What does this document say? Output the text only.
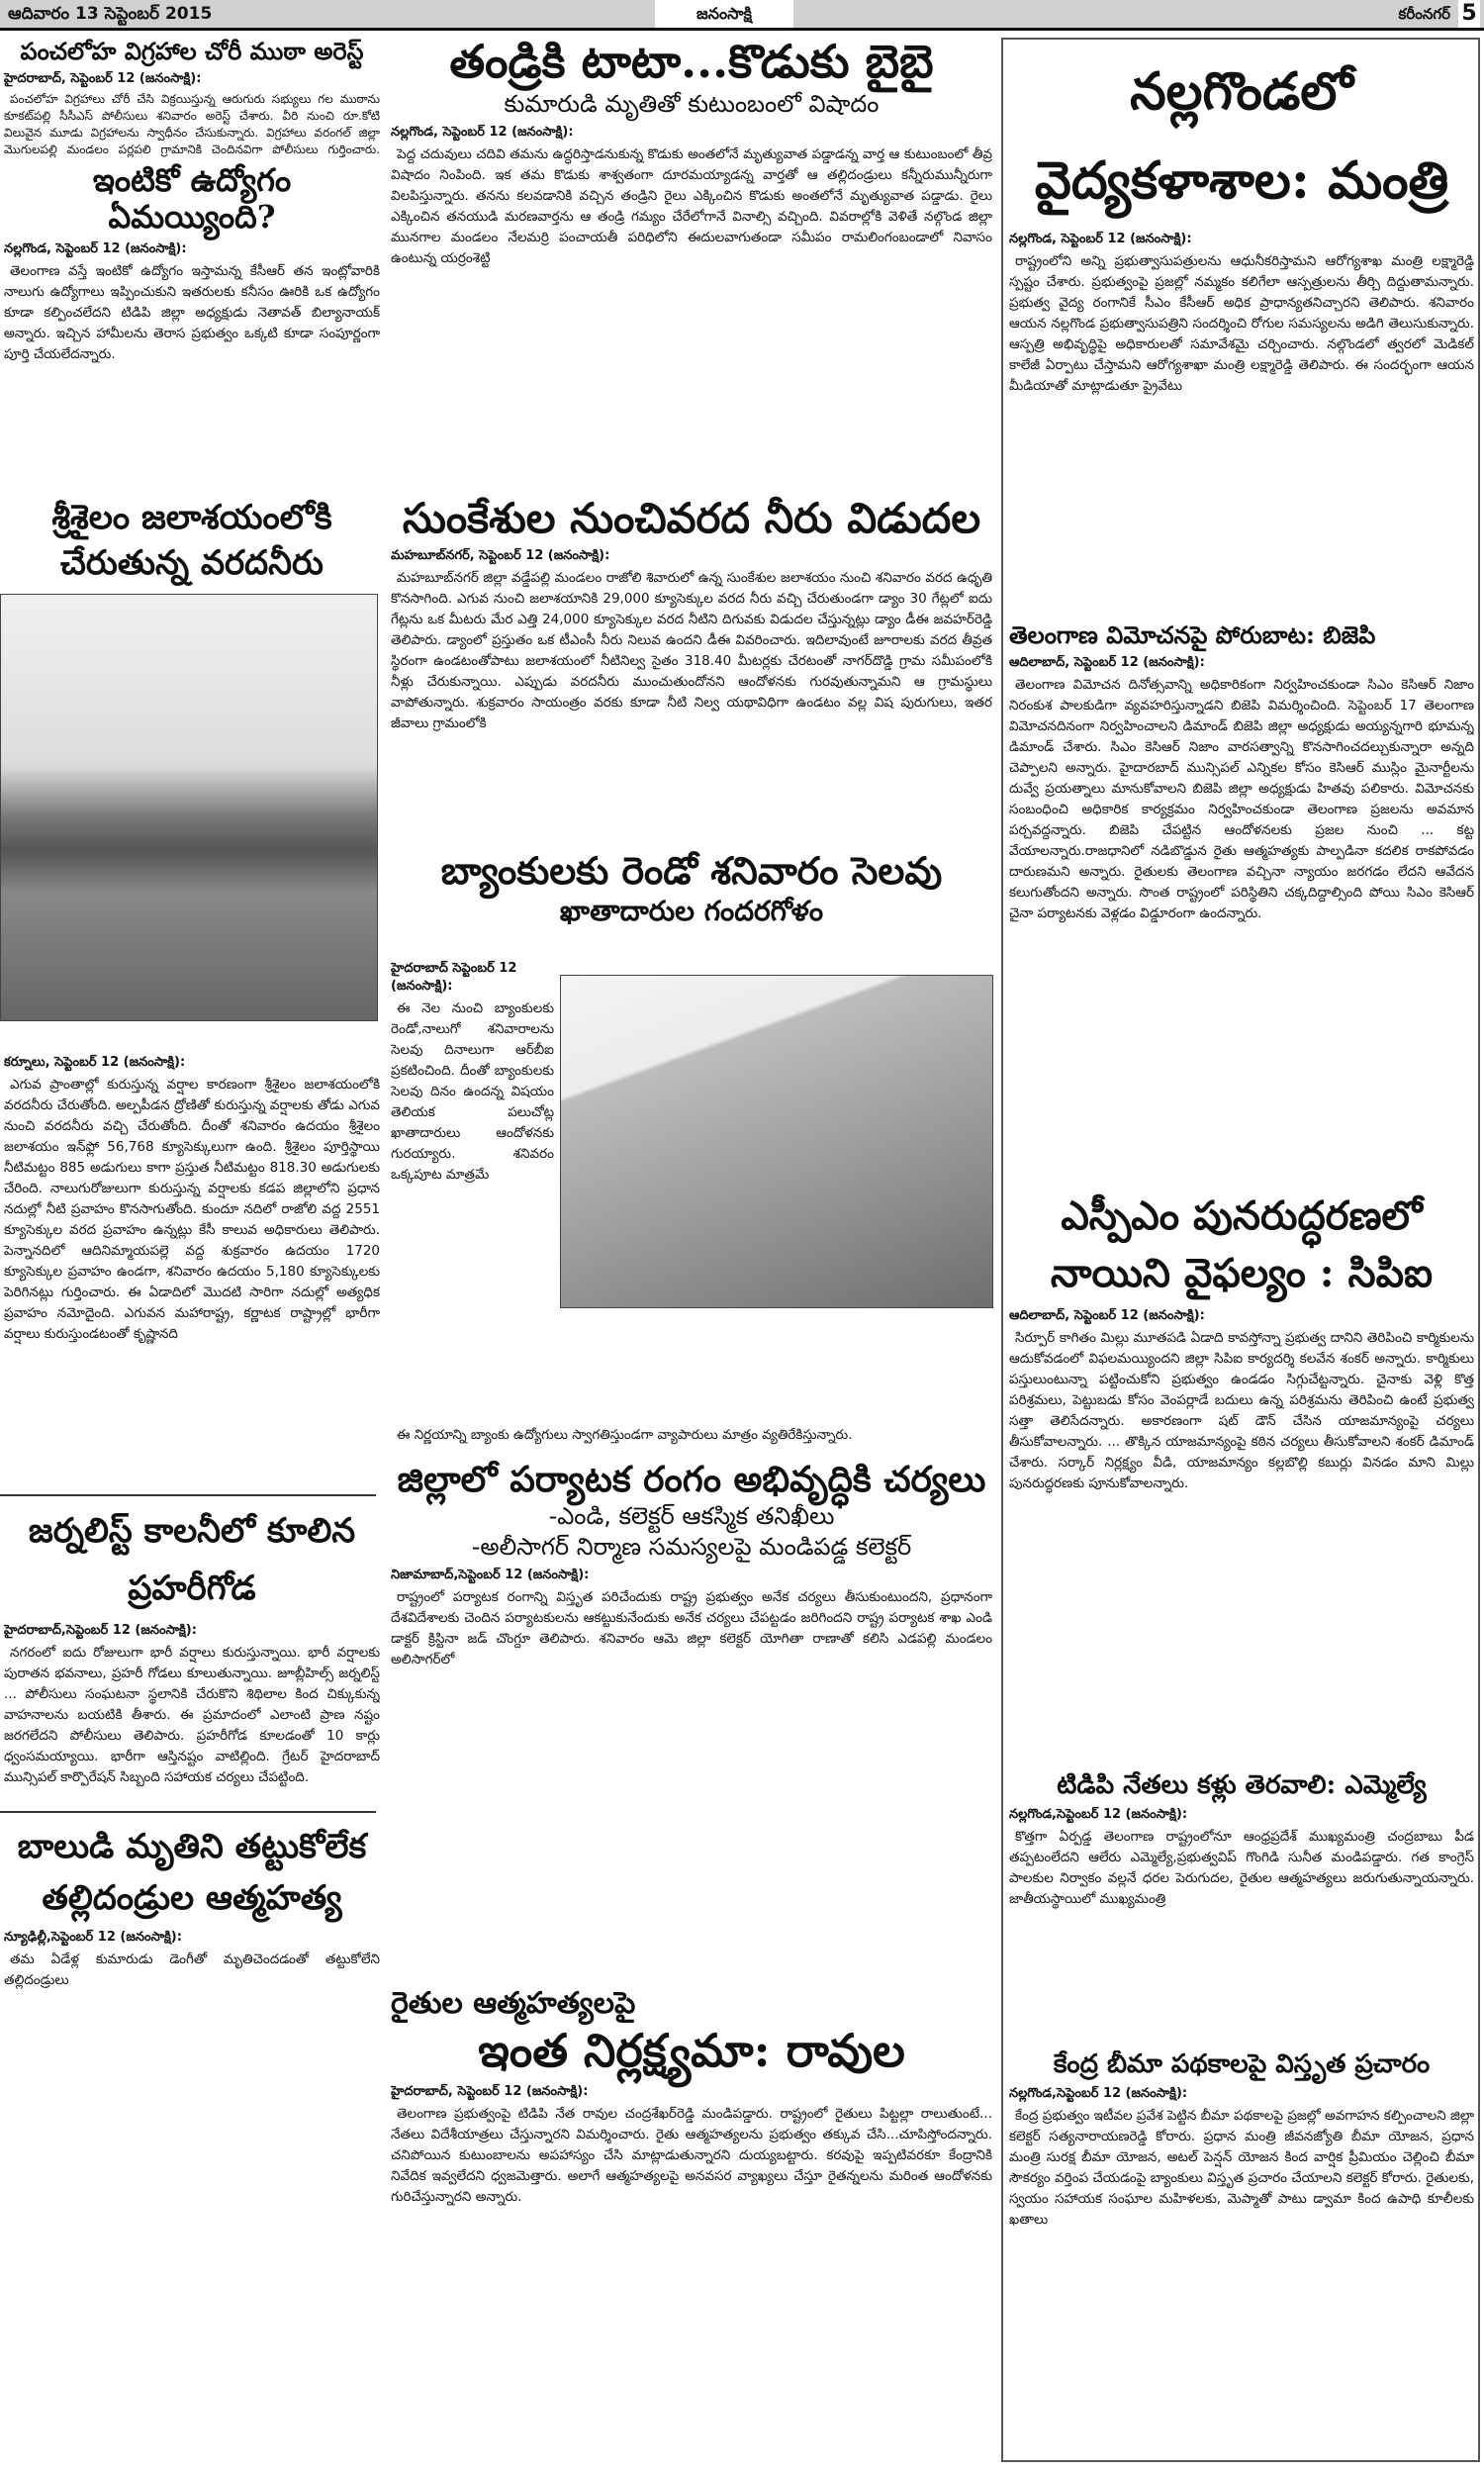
ఆదివారం 13 సెప్టెంబర్ 2015	జనంసాక్షి	కరీంనగర్ 5
పంచలోహ విగ్రహాల చోరీ ముఠా అరెస్ట్
హైదరాబాద్, సెప్టెంబర్ 12 (జనంసాక్షి):

పంచలోహ విగ్రహాలు చోరీ చేసి విక్రయిస్తున్న ఆరుగురు సభ్యులు గల ముఠాను కూకట్‌పల్లి సీసీఎస్ పోలీసులు శనివారం అరెస్ట్ చేశారు. వీరి నుంచి రూ.కోటి విలువైన మూడు విగ్రహాలను స్వాధీనం చేసుకున్నారు. విగ్రహాలు వరంగల్ జిల్లా మొగులపల్లి మండలం పర్లపలి గ్రామానికి చెందినవిగా పోలీసులు గుర్తించారు.

ఇంటికో ఉద్యోగం ఏమయ్యింది?
నల్లగొండ, సెప్టెంబర్ 12 (జనంసాక్షి):

తెలంగాణ వస్తే ఇంటికో ఉద్యోగం ఇస్తామన్న కేసీఆర్ తన ఇంట్లోవారికి నాలుగు ఉద్యోగాలు ఇప్పించుకుని ఇతరులకు కనీసం ఊరికి ఒక ఉద్యోగం కూడా కల్పించలేదని టిడిపి జిల్లా అధ్యక్షుడు నెతావత్ బిల్యానాయక్ అన్నారు. ఇచ్చిన హామీలను తెరాస ప్రభుత్వం ఒక్కటి కూడా సంపూర్ణంగా పూర్తి చేయలేదన్నారు.

శ్రీశైలం జలాశయంలోకి చేరుతున్న వరదనీరు
కర్నూలు, సెప్టెంబర్ 12 (జనంసాక్షి):

ఎగువ ప్రాంతాల్లో కురుస్తున్న వర్షాల కారణంగా శ్రీశైలం జలాశయంలోకి వరదనీరు చేరుతోంది. అల్పపీడన ద్రోణితో కురుస్తున్న వర్షాలకు తోడు ఎగువ నుంచి వరదనీరు వచ్చి చేరుతోంది. దీంతో శనివారం ఉదయం శ్రీశైలం జలాశయం ఇన్‌ఫ్లో 56,768 క్యూసెక్కులుగా ఉంది. శ్రీశైలం పూర్తిస్థాయి నీటిమట్టం 885 అడుగులు కాగా ప్రస్తుత నీటిమట్టం 818.30 అడుగులకు చేరింది. నాలుగురోజులుగా కురుస్తున్న వర్షాలకు కడప జిల్లాలోని ప్రధాన నదుల్లో నీటి ప్రవాహం కొనసాగుతోంది. కుందూ నదిలో రాజోలి వద్ద 2551 క్యూసెక్కుల వరద ప్రవాహం ఉన్నట్లు కేసీ కాలువ అధికారులు తెలిపారు. పెన్నానదిలో ఆదినిమ్మాయపల్లె వద్ద శుక్రవారం ఉదయం 1720 క్యూసెక్కుల ప్రవాహం ఉండగా, శనివారం ఉదయం 5,180 క్యూసెక్కులకు పెరిగినట్లు గుర్తించారు. ఈ ఏడాదిలో మొదటి సారిగా నదుల్లో అత్యధిక ప్రవాహం నమోదైంది. ఎగువన మహారాష్ట్ర, కర్ణాటక రాష్ట్రాల్లో భారీగా వర్షాలు కురుస్తుండటంతో కృష్ణానది

జర్నలిస్ట్ కాలనీలో కూలిన ప్రహరీగోడ
హైదరాబాద్,సెప్టెంబర్ 12 (జనంసాక్షి):

నగరంలో ఐదు రోజులుగా భారీ వర్షాలు కురుస్తున్నాయి. భారీ వర్షాలకు పురాతన భవనాలు, ప్రహరీ గోడలు కూలుతున్నాయి. జూబ్లీహిల్స్ జర్నలిస్ట్ ... పోలీసులు సంఘటనా స్థలానికి చేరుకొని శిథిలాల కింద చిక్కుకున్న వాహనాలను బయటికి తీశారు. ఈ ప్రమాదంలో ఎలాంటి ప్రాణ నష్టం జరగలేదని పోలీసులు తెలిపారు. ప్రహరీగోడ కూలడంతో 10 కార్లు ధ్వంసమయ్యాయి. భారీగా ఆస్తినష్టం వాటిల్లింది. గ్రేటర్ హైదరాబాద్ మున్సిపల్ కార్పొరేషన్ సిబ్బంది సహాయక చర్యలు చేపట్టింది.

బాలుడి మృతిని తట్టుకోలేక తల్లిదండ్రుల ఆత్మహత్య
న్యూఢిల్లీ,సెప్టెంబర్ 12 (జనంసాక్షి):

తమ ఏడేళ్ల కుమారుడు డెంగీతో మృతిచెందడంతో తట్టుకోలేని తల్లిదండ్రులు

తండ్రికి టాటా...కొడుకు బైబై
కుమారుడి మృతితో కుటుంబంలో విషాదం
నల్లగొండ, సెప్టెంబర్ 12 (జనంసాక్షి):

పెద్ద చదువులు చదివి తమను ఉద్ధరిస్తాడనుకున్న కొడుకు అంతలోనే మృత్యువాత పడ్డాడన్న వార్త ఆ కుటుంబంలో తీవ్ర విషాదం నింపింది. ఇక తమ కొడుకు శాశ్వతంగా దూరమయ్యాడన్న వార్తతో ఆ తల్లిదండ్రులు కన్నీరుమున్నీరుగా విలపిస్తున్నారు. తనను కలవడానికి వచ్చిన తండ్రిని రైలు ఎక్కించిన కొడుకు అంతలోనే మృత్యువాత పడ్డాడు. రైలు ఎక్కించిన తనయుడి మరణవార్తను ఆ తండ్రి గమ్యం చేరేలోగానే వినాల్సి వచ్చింది. వివరాల్లోకి వెళితే నల్గొండ జిల్లా మునగాల మండలం నేలమర్రి పంచాయతీ పరిధిలోని ఈదులవాగుతండా సమీపం రామలింగంబండాలో నివాసం ఉంటున్న యర్రంశెట్టి

సుంకేశుల నుంచివరద నీరు విడుదల
మహబూబ్‌నగర్, సెప్టెంబర్ 12 (జనంసాక్షి):

మహబూబ్‌నగర్ జిల్లా వడ్డేపల్లి మండలం రాజోలి శివారులో ఉన్న సుంకేశుల జలాశయం నుంచి శనివారం వరద ఉధృతి కొనసాగింది. ఎగువ నుంచి జలాశయానికి 29,000 క్యూసెక్కుల వరద నీరు వచ్చి చేరుతుండగా డ్యాం 30 గేట్లలో ఐదు గేట్లను ఒక మీటరు మేర ఎత్తి 24,000 క్యూసెక్కుల వరద నీటిని దిగువకు విడుదల చేస్తున్నట్లు డ్యాం డీఈ జవహర్‌రెడ్డి తెలిపారు. డ్యాంలో ప్రస్తుతం ఒక టీఎంసీ నీరు నిలువ ఉందని డీఈ వివరించారు. ఇదిలావుంటే జూరాలకు వరద తీవ్రత స్థిరంగా ఉండటంతోపాటు జలాశయంలో నీటినిల్వ సైతం 318.40 మీటర్లకు చేరటంతో నాగర్‌దొడ్డి గ్రామ సమీపంలోకి నీళ్లు చేరుకున్నాయి. ఎప్పుడు వరదనీరు ముంచుతుందోనని ఆందోళనకు గురవుతున్నామని ఆ గ్రామస్థులు వాపోతున్నారు. శుక్రవారం సాయంత్రం వరకు కూడా నీటి నిల్వ యథావిధిగా ఉండటం వల్ల విష పురుగులు, ఇతర జీవాలు గ్రామంలోకి

బ్యాంకులకు రెండో శనివారం సెలవు
ఖాతాదారుల గందరగోళం
హైదరాబాద్ సెప్టెంబర్ 12 (జనంసాక్షి):

ఈ నెల నుంచి బ్యాంకులకు రెండో,నాలుగో శనివారాలను సెలవు దినాలుగా ఆర్‌బీఐ ప్రకటించింది. దీంతో బ్యాంకులకు సెలవు దినం ఉందన్న విషయం తెలియక పలుచోట్ల ఖాతాదారులు ఆందోళనకు గురయ్యారు. శనివరం ఒక్కపూట మాత్రమే

ఈ నిర్ణయాన్ని బ్యాంకు ఉద్యోగులు స్వాగతిస్తుండగా వ్యాపారులు మాత్రం వ్యతిరేకిస్తున్నారు.

జిల్లాలో పర్యాటక రంగం అభివృద్ధికి చర్యలు
-ఎండి, కలెక్టర్ ఆకస్మిక తనిఖీలు
-అలీసాగర్ నిర్మాణ సమస్యలపై మండిపడ్డ కలెక్టర్
నిజామాబాద్,సెప్టెంబర్ 12 (జనంసాక్షి):

రాష్ట్రంలో పర్యాటక రంగాన్ని విస్తృత పరిచేందుకు రాష్ట్ర ప్రభుత్వం అనేక చర్యలు తీసుకుంటుందని, ప్రధానంగా దేశవిదేశాలకు చెందిన పర్యాటకులను ఆకట్టుకునేందుకు అనేక చర్యలు చేపట్టడం జరిగిందని రాష్ట్ర పర్యాటక శాఖ ఎండి డాక్టర్ క్రిస్టినా జడ్ చొంగ్దూ తెలిపారు. శనివారం ఆమె జిల్లా కలెక్టర్ యోగితా రాణాతో కలిసి ఎడపల్లి మండలం అలిసాగర్‌లో

రైతుల ఆత్మహత్యలపై
ఇంత నిర్లక్ష్యమా: రావుల
హైదరాబాద్, సెప్టెంబర్ 12 (జనంసాక్షి):

తెలంగాణ ప్రభుత్వంపై టిడిపి నేత రావుల చంద్రశేఖర్‌రెడ్డి మండిపడ్డారు. రాష్ట్రంలో రైతులు పిట్టల్లా రాలుతుంటే... నేతలు విదేశీయాత్రలు చేస్తున్నారని విమర్శించారు. రైతు ఆత్మహత్యలను ప్రభుత్వం తక్కువ చేసి...చూపిస్తోందన్నారు. చనిపోయిన కుటుంబాలను అపహాస్యం చేసి మాట్లాడుతున్నారని దుయ్యబట్టారు. కరవుపై ఇప్పటివరకూ కేంద్రానికి నివేదిక ఇవ్వలేదని ధ్వజమెత్తారు. అలాగే ఆత్మహత్యలపై అనవసర వ్యాఖ్యలు చేస్తూ రైతన్నలను మరింత ఆందోళనకు గురిచేస్తున్నారని అన్నారు.

నల్లగొండలో వైద్యకళాశాల: మంత్రి
నల్లగొండ, సెప్టెంబర్ 12 (జనంసాక్షి):

రాష్ట్రంలోని అన్ని ప్రభుత్వాసుపత్రులను ఆధునీకరిస్తామని ఆరోగ్యశాఖ మంత్రి లక్ష్మారెడ్డి స్పష్టం చేశారు. ప్రభుత్వంపై ప్రజల్లో నమ్మకం కలిగేలా ఆస్పత్రులను తీర్చి దిద్దుతామన్నారు. ప్రభుత్వ వైద్య రంగానికే సీఎం కేసీఆర్ అధిక ప్రాధాన్యతనిచ్చారని తెలిపారు. శనివారం ఆయన నల్లగొండ ప్రభుత్వాసుపత్రిని సందర్శించి రోగుల సమస్యలను అడిగి తెలుసుకున్నారు. ఆస్పత్రి అభివృద్ధిపై అధికారులతో సమావేశమై చర్చించారు. నల్గొండలో త్వరలో మెడికల్ కాలేజీ ఏర్పాటు చేస్తామని ఆరోగ్యశాఖా మంత్రి లక్ష్మారెడ్డి తెలిపారు. ఈ సందర్భంగా ఆయన మీడియాతో మాట్లాడుతూ ప్రైవేటు

తెలంగాణ విమోచనపై పోరుబాట: బిజెపి
ఆదిలాబాద్, సెప్టెంబర్ 12 (జనంసాక్షి):

తెలంగాణ విమోచన దినోత్సవాన్ని అధికారికంగా నిర్వహించకుండా సిఎం కెసిఆర్ నిజాం నిరంకుశ పాలకుడిగా వ్యవహరిస్తున్నాడని బిజెపి విమర్శించింది. సెప్టెంబర్ 17 తెలంగాణ విమోచనదినంగా నిర్వహించాలని డిమాండ్ బిజెపి జిల్లా అధ్యక్షుడు అయ్యన్నగారి భూమన్న డిమాండ్ చేశారు. సిఎం కెసిఆర్ నిజాం వారసత్వాన్ని కొనసాగించదల్చుకున్నారా అన్నది చెప్పాలని అన్నారు. హైదారబాద్ మున్సిపల్ ఎన్నికల కోసం కెసిఆర్ ముస్లిం మైనార్టీలను దువ్వే ప్రయత్నాలు మానుకోవాలని బిజెపి జిల్లా అధ్యక్షుడు హితవు పలికారు. విమోచనకు సంబంధించి అధికారిక కార్యక్రమం నిర్వహించకుండా తెలంగాణ ప్రజలను అవమాన పర్చవద్దన్నారు. బిజెపి చేపట్టిన ఆందోళనలకు ప్రజల నుంచి ... కట్ట వేయాలన్నారు.రాజధానిలో నడిబొడ్డున రైతు ఆత్మహత్యకు పాల్పడినా కదలిక రాకపోవడం దారుణమని అన్నారు. రైతులకు తెలంగాణ వచ్చినా న్యాయం జరగడం లేదని ఆవేదన కలుగుతోందని అన్నారు. సొంత రాష్ట్రంలో పరిస్థితిని చక్కదిద్దాల్సింది పోయి సిఎం కెసిఆర్ చైనా పర్యాటనకు వెళ్లడం విడ్డూరంగా ఉందన్నారు.

ఎస్పీఎం పునరుద్ధరణలో నాయిని వైఫల్యం : సిపిఐ
ఆదిలాబాద్, సెప్టెంబర్ 12 (జనంసాక్షి):

సిర్పూర్ కాగితం మిల్లు మూతపడి ఏడాది కావస్తోన్నా ప్రభుత్వ దానిని తెరిపించి కార్మికులను ఆదుకోవడంలో విఫలమయ్యిందని జిల్లా సిపిఐ కార్యదర్శి కలవేన శంకర్ అన్నారు. కార్మికులు పస్తులుంటున్నా పట్టించుకోని ప్రభుత్వం ఉండడం సిగ్గుచేట్టన్నారు. చైనాకు వెళ్లి కొత్త పరిశ్రమలు, పెట్టుబడు కోసం వెంపర్లాడే బదులు ఉన్న పరిశ్రమను తెరిపించి ఉంటే ప్రభుత్వ సత్తా తెలిసేదన్నారు. అకారణంగా షట్ డౌన్ చేసిన యాజమాన్యంపై చర్యలు తీసుకోవాలన్నారు. ... తొక్కిన యాజమాన్యంపై కఠిన చర్యలు తీసుకోవాలని శంకర్ డిమాండ్ చేశారు. సర్కార్ నిర్లక్ష్యం వీడి, యాజమాన్యం కల్లబొల్లి కబుర్లు వినడం మాని మిల్లు పునరుద్ధరణకు పూనుకోవాలన్నారు.

టిడిపి నేతలు కళ్లు తెరవాలి: ఎమ్మెల్యే
నల్లగొండ,సెప్టెంబర్ 12 (జనంసాక్షి):

కొత్తగా ఏర్పడ్డ తెలంగాణ రాష్ట్రంలోనూ ఆంధ్రప్రదేశ్ ముఖ్యమంత్రి చంద్రబాబు పీడ తప్పటంలేదని ఆలేరు ఎమ్మెల్యే,ప్రభుత్వవిప్ గొంగిడి సునీత మండిపడ్డారు. గత కాంగ్రెస్ పాలకుల నిర్వాకం వల్లనే ధరల పెరుగుదల, రైతుల ఆత్మహత్యలు జరుగుతున్నాయన్నారు. జాతీయస్థాయిలో ముఖ్యమంత్రి

కేంద్ర బీమా పథకాలపై విస్తృత ప్రచారం
నల్లగొండ,సెప్టెంబర్ 12 (జనంసాక్షి):

కేంద్ర ప్రభుత్వం ఇటీవల ప్రవేశ పెట్టిన బీమా పథకాలపై ప్రజల్లో అవగాహన కల్పించాలని జిల్లా కలెక్టర్ సత్యనారాయణరెడ్డి కోరారు. ప్రధాన మంత్రి జీవనజ్యోతి బీమా యోజన, ప్రధాన మంత్రి సురక్ష బీమా యోజన, అటల్ పెన్షన్ యోజన కింద వార్షిక ప్రీమియం చెల్లించి బీమా సౌకర్యం వర్తింప చేయడంపై బ్యాంకులు విస్తృత ప్రచారం చేయాలని కలెక్టర్ కోరారు. రైతులకు, స్వయం సహాయక సంఘాల మహిళలకు, మెప్మాతో పాటు డ్వామా కింద ఉపాధి కూలీలకు ఖతాలు
